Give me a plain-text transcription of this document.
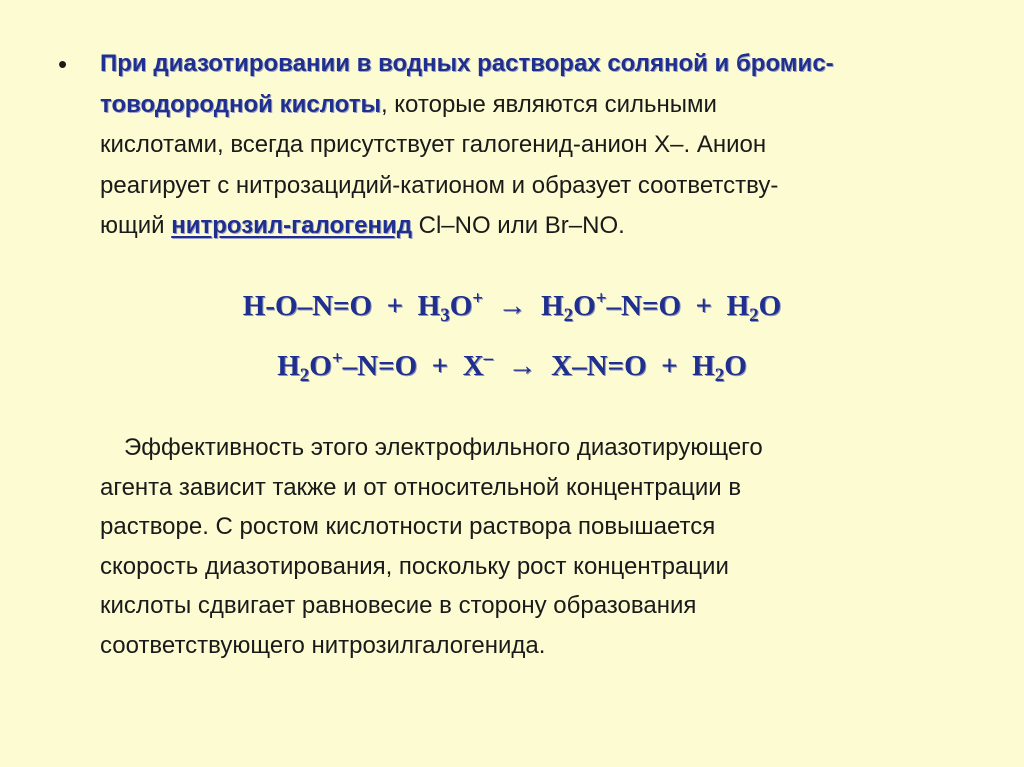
• При диазотировании в водных растворах соляной и бромис-
товодородной кислоты, которые являются сильными
кислотами, всегда присутствует галогенид-анион X–. Анион
реагирует с нитрозацидий-катионом и образует соответству-
ющий нитрозил-галогенид Cl–NO или Br–NO.
$H-O-N=O + H_3O^+ \to H_2O^+-N=O + H_2O$
$H_2O^+-N=O + X^- \to X-N=O + H_2O$
Эффективность этого электрофильного диазотирующего
агента зависит также и от относительной концентрации в
растворе. С ростом кислотности раствора повышается
скорость диазотирования, поскольку рост концентрации
кислоты сдвигает равновесие в сторону образования
соответствующего нитрозилгалогенида.
